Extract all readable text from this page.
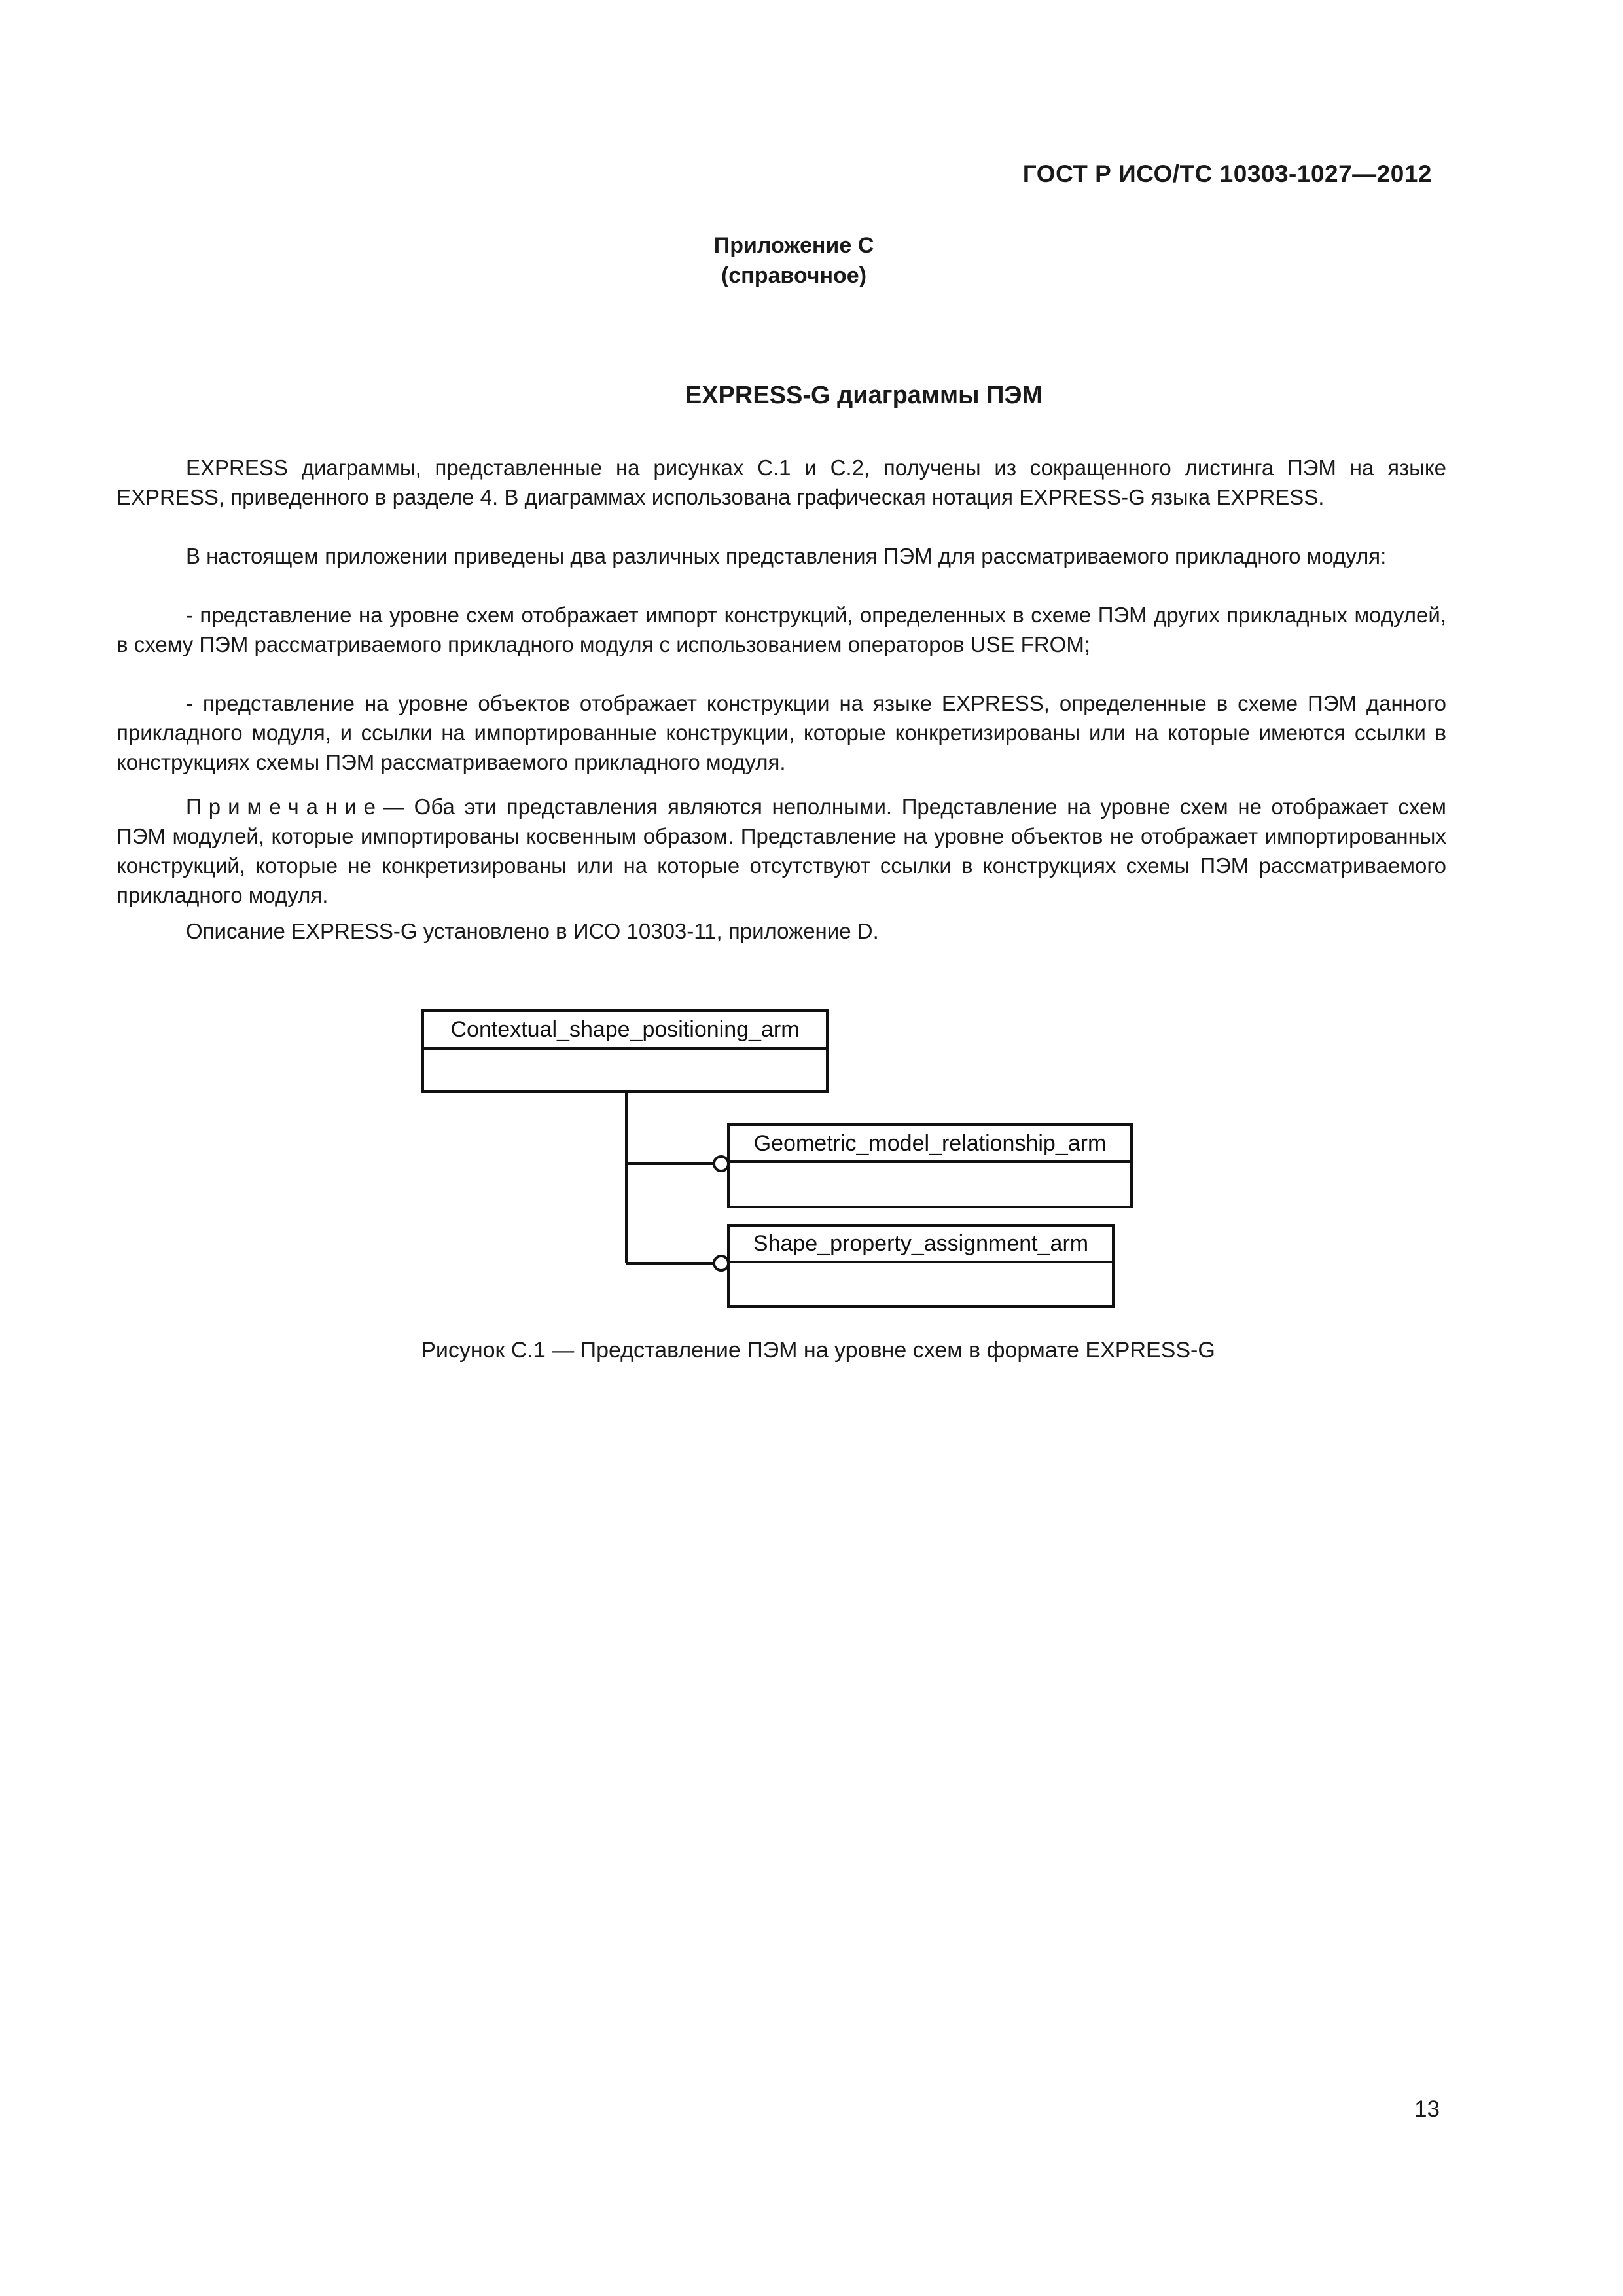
ГОСТ Р ИСО/ТС 10303-1027—2012
Приложение С
(справочное)
EXPRESS-G диаграммы ПЭМ

EXPRESS диаграммы, представленные на рисунках С.1 и С.2, получены из сокращенного листинга ПЭМ на языке EXPRESS, приведенного в разделе 4. В диаграммах использована графическая нотация EXPRESS-G языка EXPRESS.

В настоящем приложении приведены два различных представления ПЭМ для рассматриваемого прикладного модуля:

- представление на уровне схем отображает импорт конструкций, определенных в схеме ПЭМ других прикладных модулей, в схему ПЭМ рассматриваемого прикладного модуля с использованием операторов USE FROM;

- представление на уровне объектов отображает конструкции на языке EXPRESS, определенные в схеме ПЭМ данного прикладного модуля, и ссылки на импортированные конструкции, которые конкретизированы или на которые имеются ссылки в конструкциях схемы ПЭМ рассматриваемого прикладного модуля.

Примечание— Оба эти представления являются неполными. Представление на уровне схем не отображает схем ПЭМ модулей, которые импортированы косвенным образом. Представление на уровне объектов не отображает импортированных конструкций, которые не конкретизированы или на которые отсутствуют ссылки в конструкциях схемы ПЭМ рассматриваемого прикладного модуля.

Описание EXPRESS-G установлено в ИСО 10303-11, приложение D.

Contextual_shape_positioning_arm
Geometric_model_relationship_arm
Shape_property_assignment_arm
Рисунок С.1 — Представление ПЭМ на уровне схем в формате EXPRESS-G
13
